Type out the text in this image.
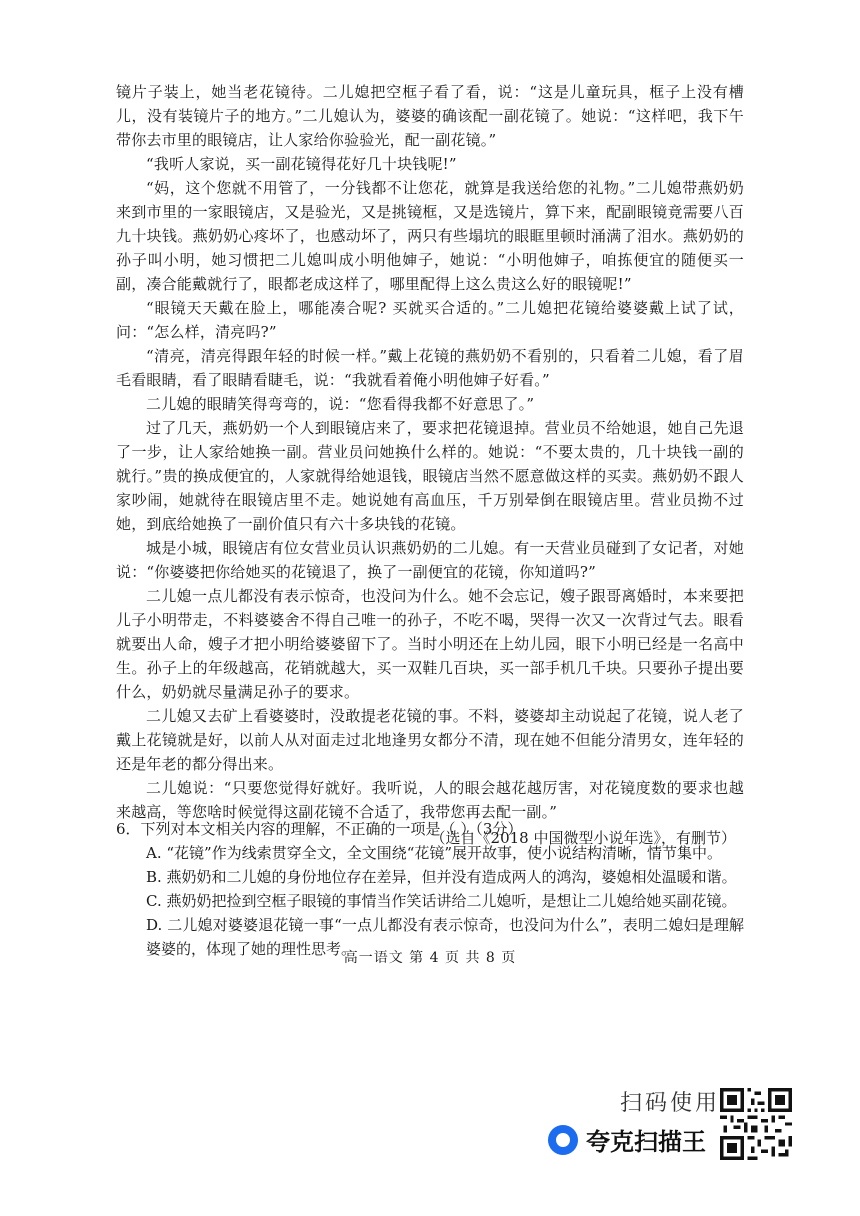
镜片子装上，她当老花镜待。二儿媳把空框子看了看，说：“这是儿童玩具，框子上没有槽儿，没有装镜片子的地方。”二儿媳认为，婆婆的确该配一副花镜了。她说：“这样吧，我下午带你去市里的眼镜店，让人家给你验验光，配一副花镜。”

“我听人家说，买一副花镜得花好几十块钱呢!”

“妈，这个您就不用管了，一分钱都不让您花，就算是我送给您的礼物。”二儿媳带燕奶奶来到市里的一家眼镜店，又是验光，又是挑镜框，又是选镜片，算下来，配副眼镜竟需要八百九十块钱。燕奶奶心疼坏了，也感动坏了，两只有些塌坑的眼眶里顿时涌满了泪水。燕奶奶的孙子叫小明，她习惯把二儿媳叫成小明他婶子，她说：“小明他婶子，咱拣便宜的随便买一副，凑合能戴就行了，眼都老成这样了，哪里配得上这么贵这么好的眼镜呢!”

“眼镜天天戴在脸上，哪能凑合呢? 买就买合适的。”二儿媳把花镜给婆婆戴上试了试，问：“怎么样，清亮吗?”

“清亮，清亮得跟年轻的时候一样。”戴上花镜的燕奶奶不看别的，只看着二儿媳，看了眉毛看眼睛，看了眼睛看睫毛，说：“我就看着俺小明他婶子好看。”

二儿媳的眼睛笑得弯弯的，说：“您看得我都不好意思了。”

过了几天，燕奶奶一个人到眼镜店来了，要求把花镜退掉。营业员不给她退，她自己先退了一步，让人家给她换一副。营业员问她换什么样的。她说：“不要太贵的，几十块钱一副的就行。”贵的换成便宜的，人家就得给她退钱，眼镜店当然不愿意做这样的买卖。燕奶奶不跟人家吵闹，她就待在眼镜店里不走。她说她有高血压，千万别晕倒在眼镜店里。营业员拗不过她，到底给她换了一副价值只有六十多块钱的花镜。

城是小城，眼镜店有位女营业员认识燕奶奶的二儿媳。有一天营业员碰到了女记者，对她说：“你婆婆把你给她买的花镜退了，换了一副便宜的花镜，你知道吗?”

二儿媳一点儿都没有表示惊奇，也没问为什么。她不会忘记，嫂子跟哥离婚时，本来要把儿子小明带走，不料婆婆舍不得自己唯一的孙子，不吃不喝，哭得一次又一次背过气去。眼看就要出人命，嫂子才把小明给婆婆留下了。当时小明还在上幼儿园，眼下小明已经是一名高中生。孙子上的年级越高，花销就越大，买一双鞋几百块，买一部手机几千块。只要孙子提出要什么，奶奶就尽量满足孙子的要求。

二儿媳又去矿上看婆婆时，没敢提老花镜的事。不料，婆婆却主动说起了花镜，说人老了戴上花镜就是好，以前人从对面走过北地逢男女都分不清，现在她不但能分清男女，连年轻的还是年老的都分得出来。

二儿媳说：“只要您觉得好就好。我听说，人的眼会越花越厉害，对花镜度数的要求也越来越高，等您啥时候觉得这副花镜不合适了，我带您再去配一副。”

（选自《2018 中国微型小说年选》，有删节）

6．下列对本文相关内容的理解，不正确的一项是（ ）（3分）

A. “花镜”作为线索贯穿全文，全文围绕“花镜”展开故事，使小说结构清晰，情节集中。

B. 燕奶奶和二儿媳的身份地位存在差异，但并没有造成两人的鸿沟，婆媳相处温暖和谐。

C. 燕奶奶把捡到空框子眼镜的事情当作笑话讲给二儿媳听，是想让二儿媳给她买副花镜。

D. 二儿媳对婆婆退花镜一事“一点儿都没有表示惊奇，也没问为什么”，表明二媳妇是理解婆婆的，体现了她的理性思考。

高一语文 第 4 页 共 8 页
扫码使用
夸克扫描王
